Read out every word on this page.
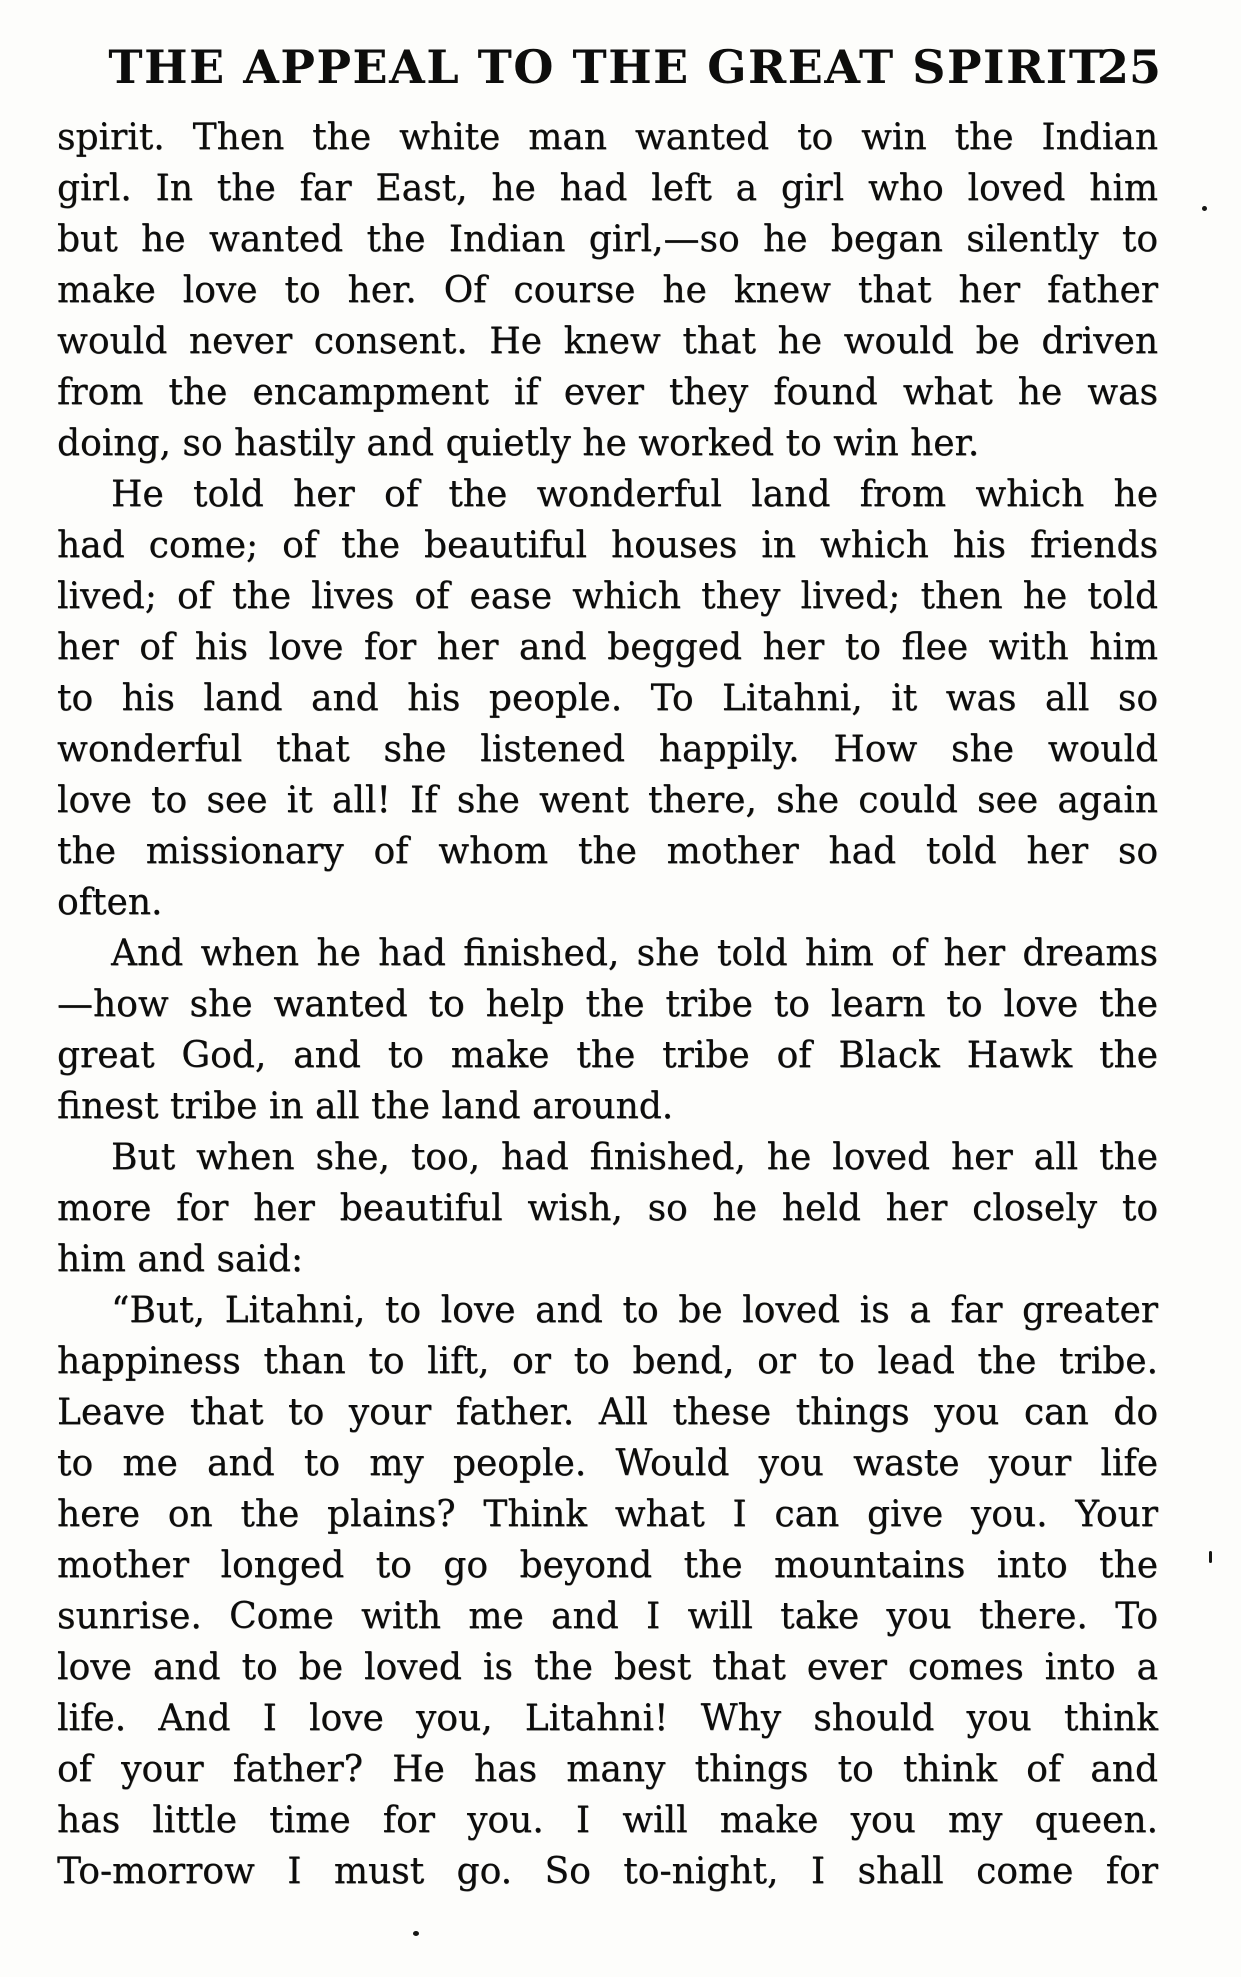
THE APPEAL TO THE GREAT SPIRIT
25
spirit. Then the white man wanted to win the Indian
girl. In the far East, he had left a girl who loved him
but he wanted the Indian girl,—so he began silently to
make love to her. Of course he knew that her father
would never consent. He knew that he would be driven
from the encampment if ever they found what he was
doing, so hastily and quietly he worked to win her.
He told her of the wonderful land from which he
had come; of the beautiful houses in which his friends
lived; of the lives of ease which they lived; then he told
her of his love for her and begged her to flee with him
to his land and his people. To Litahni, it was all so
wonderful that she listened happily. How she would
love to see it all! If she went there, she could see again
the missionary of whom the mother had told her so
often.
And when he had finished, she told him of her dreams
—how she wanted to help the tribe to learn to love the
great God, and to make the tribe of Black Hawk the
finest tribe in all the land around.
But when she, too, had finished, he loved her all the
more for her beautiful wish, so he held her closely to
him and said:
“But, Litahni, to love and to be loved is a far greater
happiness than to lift, or to bend, or to lead the tribe.
Leave that to your father. All these things you can do
to me and to my people. Would you waste your life
here on the plains? Think what I can give you. Your
mother longed to go beyond the mountains into the
sunrise. Come with me and I will take you there. To
love and to be loved is the best that ever comes into a
life. And I love you, Litahni! Why should you think
of your father? He has many things to think of and
has little time for you. I will make you my queen.
To-morrow I must go. So to-night, I shall come for
